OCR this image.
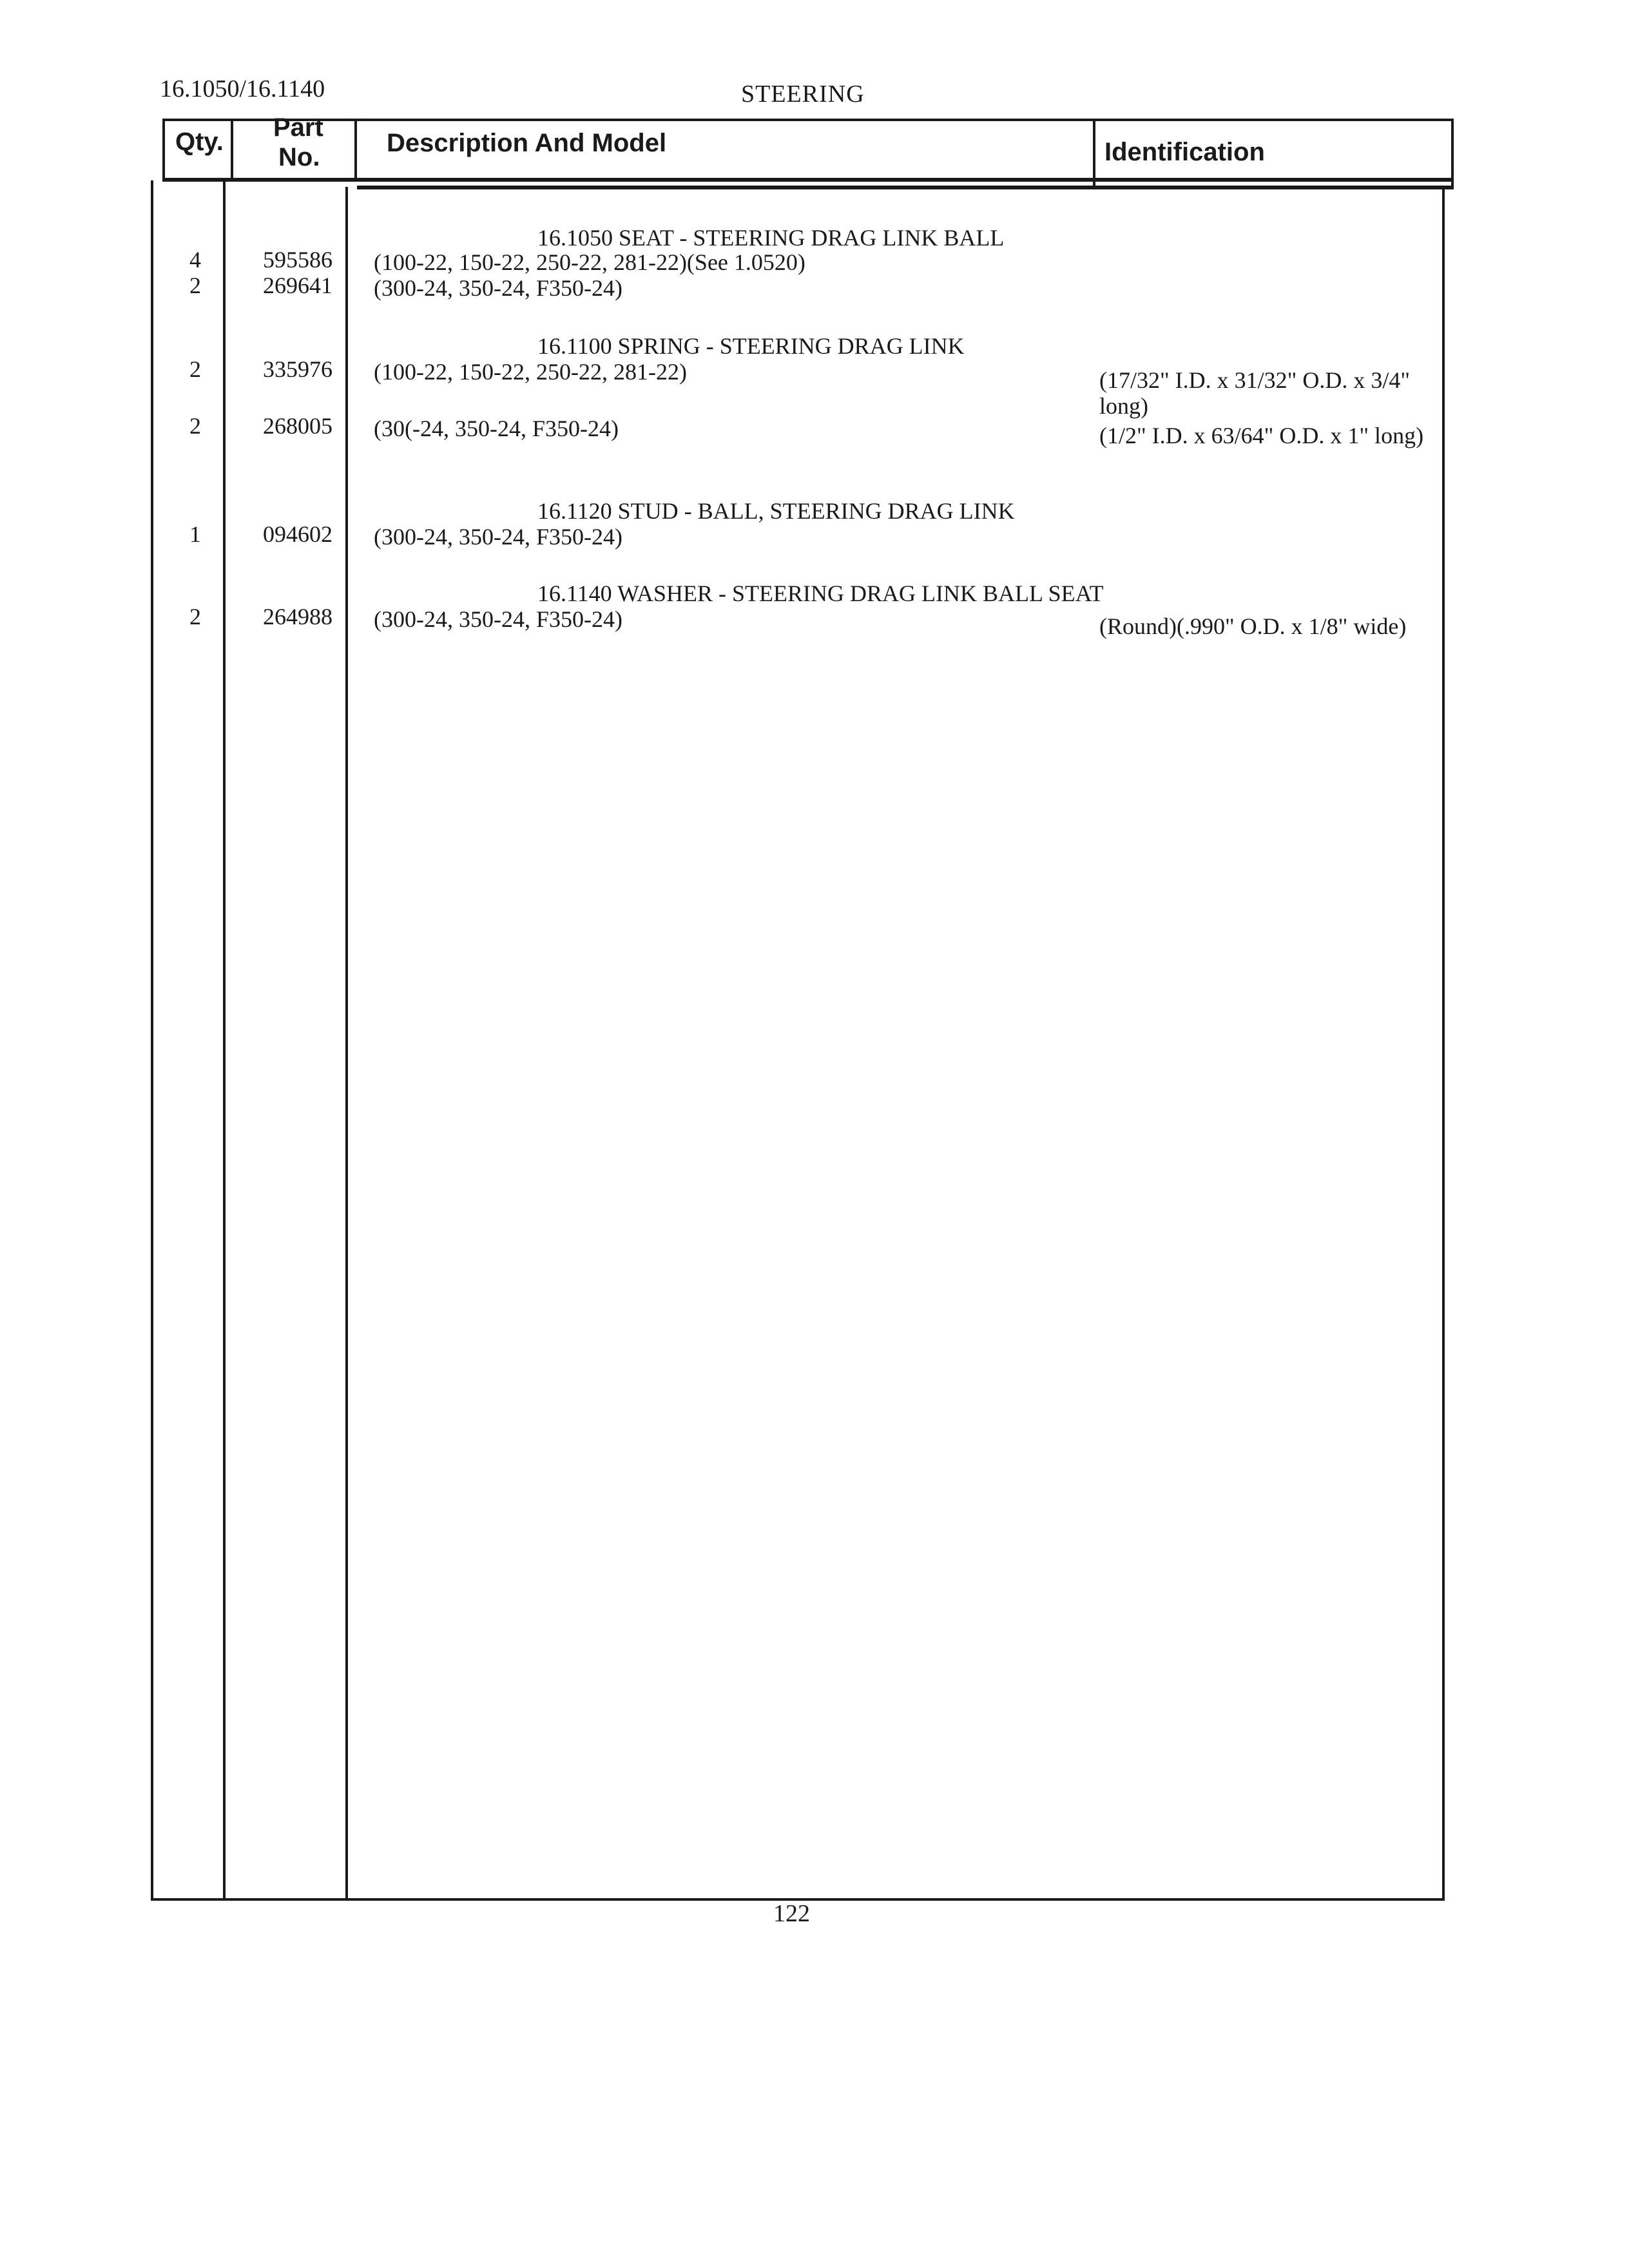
16.1050/16.1140	STEERING
Qty. Part
No.	Description And Model	Identification
16.1050 SEAT - STEERING DRAG LINK BALL
4	595586 (100-22, 150-22, 250-22, 281-22)(See 1.0520)
2	269641 (300-24, 350-24, F350-24)
16.1100 SPRING - STEERING DRAG LINK
2	335976 (100-22, 150-22, 250-22, 281-22)	(17/32" I.D. x 31/32" O.D. x 3/4" long)
2	268005 (30(-24, 350-24, F350-24)	(1/2" I.D. x 63/64" O.D. x 1" long)
16.1120 STUD - BALL, STEERING DRAG LINK
1	094602 (300-24, 350-24, F350-24)
16.1140 WASHER - STEERING DRAG LINK BALL SEAT
2	264988 (300-24, 350-24, F350-24)	(Round)(.990" O.D. x 1/8" wide)
122
